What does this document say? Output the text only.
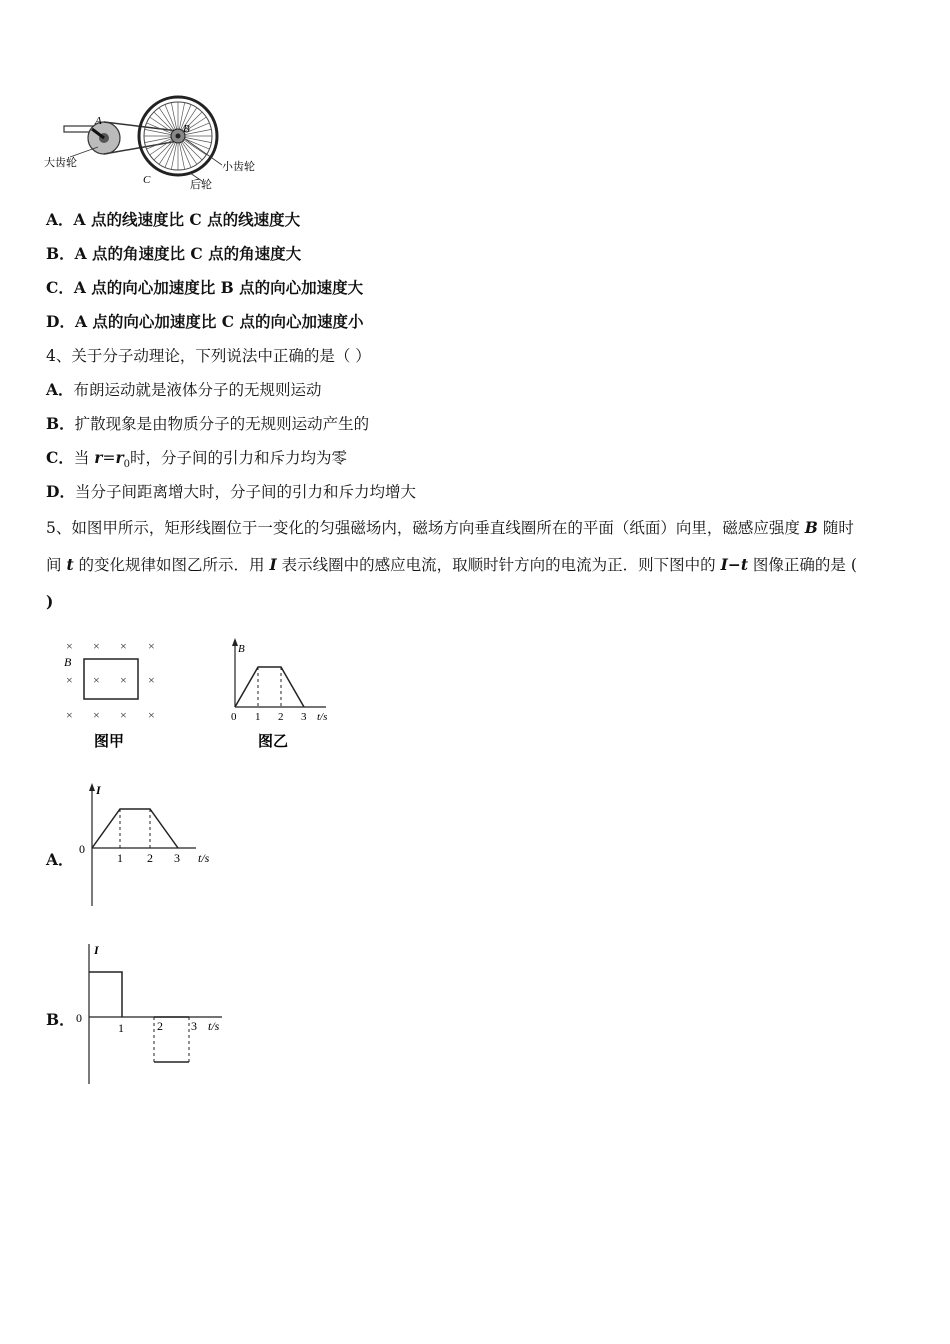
A
B
C
大齿轮	小齿轮
后轮
A．A 点的线速度比 C 点的线速度大
B．A 点的角速度比 C 点的角速度大
C．A 点的向心加速度比 B 点的向心加速度大
D．A 点的向心加速度比 C 点的向心加速度小
4、关于分子动理论，下列说法中正确的是（ ）
A．布朗运动就是液体分子的无规则运动
B．扩散现象是由物质分子的无规则运动产生的
C．当 $r=r_0$时，分子间的引力和斥力均为零
D．当分子间距离增大时，分子间的引力和斥力均增大
5、如图甲所示，矩形线圈位于一变化的匀强磁场内，磁场方向垂直线圈所在的平面（纸面）向里，磁感应强度 B 随时
间 t 的变化规律如图乙所示．用 I 表示线圈中的感应电流，取顺时针方向的电流为正．则下图中的 I−t 图像正确的是 (
)
× × × ×
× × × ×
× × × ×
B
图甲
B
0 1 2 3 t/s
图乙
A．
I
0
1 2 3 t/s
B．
I
0
1	2 3 t/s
